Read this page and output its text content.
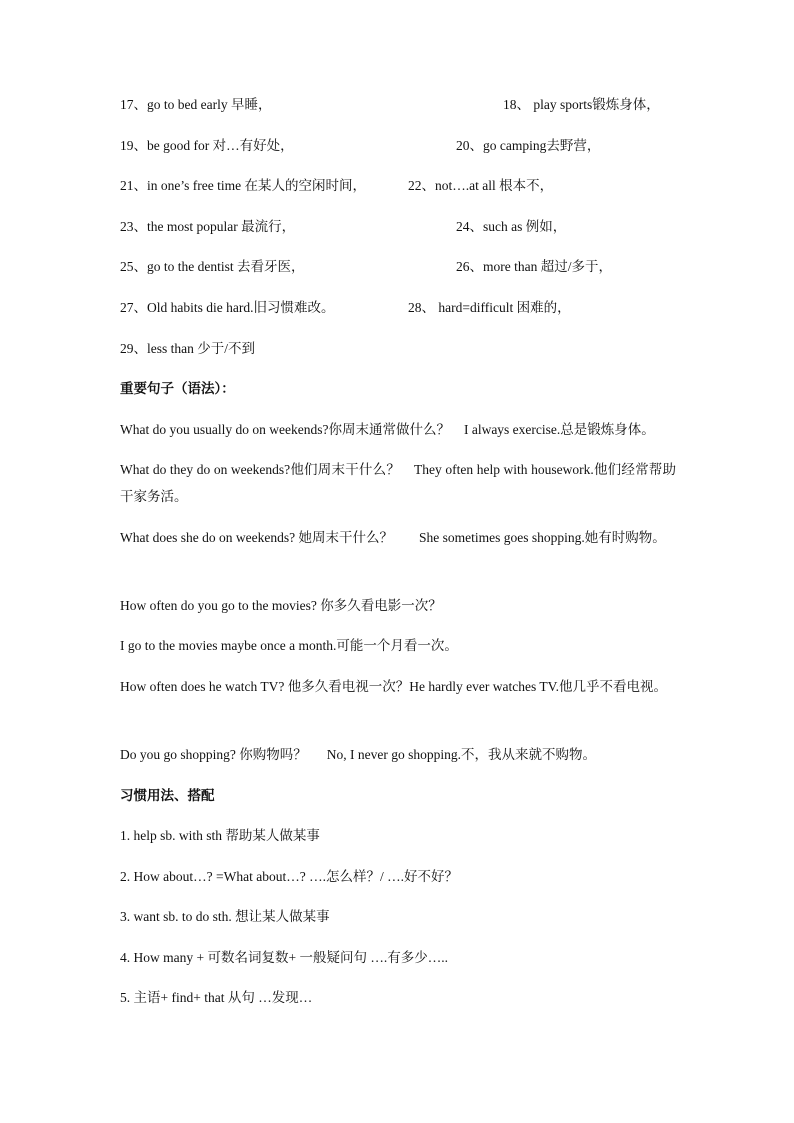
17、go to bed early 早睡，	18、 play sports锻炼身体，
19、be good for 对…有好处，	20、go camping去野营，
21、in one’s free time 在某人的空闲时间，	22、not….at all 根本不，
23、the most popular 最流行，	24、such as 例如，
25、go to the dentist 去看牙医，	26、more than 超过/多于，
27、Old habits die hard.旧习惯难改。	28、 hard=difficult 困难的，
29、less than 少于/不到
重要句子（语法）：
What do you usually do on weekends?你周末通常做什么？ I always exercise.总是锻炼身体。
What do they do on weekends?他们周末干什么？ They often help with housework.他们经常帮助干家务活。
What does she do on weekends? 她周末干什么？ She sometimes goes shopping.她有时购物。
How often do you go to the movies? 你多久看电影一次？
I go to the movies maybe once a month.可能一个月看一次。
How often does he watch TV? 他多久看电视一次？He hardly ever watches TV.他几乎不看电视。
Do you go shopping? 你购物吗？ No, I never go shopping.不，我从来就不购物。
习惯用法、搭配
1. help sb. with sth 帮助某人做某事
2. How about…? =What about…? ….怎么样？/ ….好不好？
3. want sb. to do sth. 想让某人做某事
4. How many + 可数名词复数+ 一般疑问句 ….有多少…..
5. 主语+ find+ that 从句 …发现…
